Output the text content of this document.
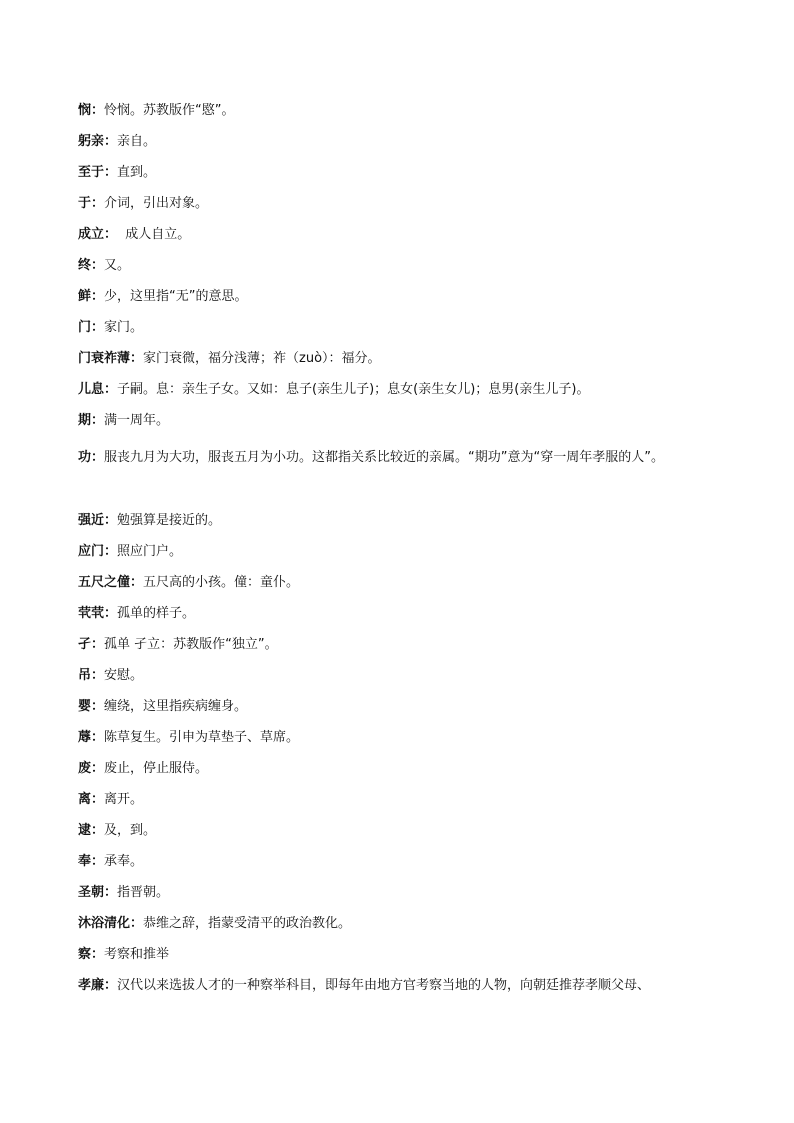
悯：怜悯。苏教版作“愍”。
躬亲：亲自。
至于：直到。
于：介词，引出对象。
成立：  成人自立。
终：又。
鲜：少，这里指“无”的意思。
门：家门。
门衰祚薄：家门衰微，福分浅薄；祚（zuò）：福分。
儿息：子嗣。息：亲生子女。又如：息子(亲生儿子)；息女(亲生女儿)；息男(亲生儿子)。
期：满一周年。
功：服丧九月为大功，服丧五月为小功。这都指关系比较近的亲属。“期功”意为“穿一周年孝服的人”。
强近：勉强算是接近的。
应门：照应门户。
五尺之僮：五尺高的小孩。僮：童仆。
茕茕：孤单的样子。
孑：孤单 孑立：苏教版作“独立”。
吊：安慰。
婴：缠绕，这里指疾病缠身。
蓐：陈草复生。引申为草垫子、草席。
废：废止，停止服侍。
离：离开。
逮：及，到。
奉：承奉。
圣朝：指晋朝。
沐浴清化：恭维之辞，指蒙受清平的政治教化。
察：考察和推举
孝廉：汉代以来选拔人才的一种察举科目，即每年由地方官考察当地的人物，向朝廷推荐孝顺父母、
